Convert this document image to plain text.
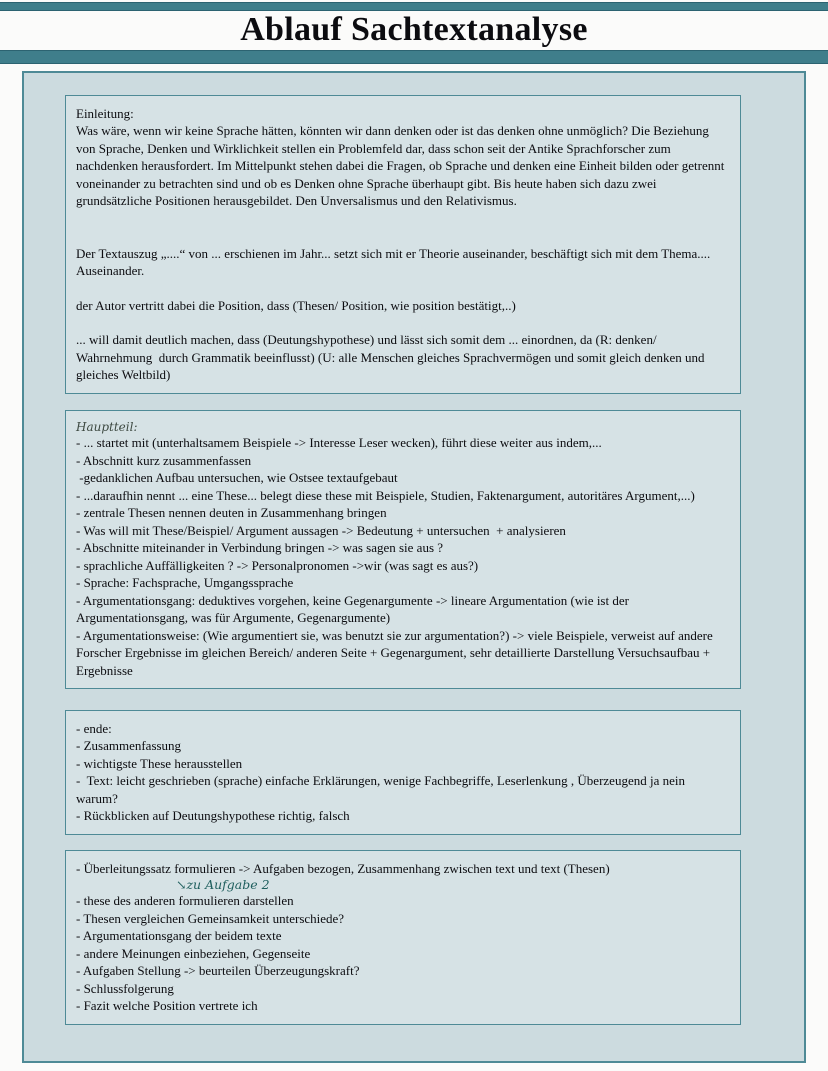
Ablauf Sachtextanalyse
Einleitung:
Was wäre, wenn wir keine Sprache hätten, könnten wir dann denken oder ist das denken ohne unmöglich? Die Beziehung von Sprache, Denken und Wirklichkeit stellen ein Problemfeld dar, dass schon seit der Antike Sprachforscher zum nachdenken herausfordert. Im Mittelpunkt stehen dabei die Fragen, ob Sprache und denken eine Einheit bilden oder getrennt voneinander zu betrachten sind und ob es Denken ohne Sprache überhaupt gibt. Bis heute haben sich dazu zwei grundsätzliche Positionen herausgebildet. Den Unversalismus und den Relativismus.
Der Textauszug „....“ von ... erschienen im Jahr... setzt sich mit er Theorie auseinander, beschäftigt sich mit dem Thema.... Auseinander.
der Autor vertritt dabei die Position, dass (Thesen/ Position, wie position bestätigt,..)
... will damit deutlich machen, dass (Deutungshypothese) und lässt sich somit dem ... einordnen, da (R: denken/ Wahrnehmung  durch Grammatik beeinflusst) (U: alle Menschen gleiches Sprachvermögen und somit gleich denken und gleiches Weltbild)
Hauptteil:
- ... startet mit (unterhaltsamem Beispiele -> Interesse Leser wecken), führt diese weiter aus indem,...
- Abschnitt kurz zusammenfassen
-gedanklichen Aufbau untersuchen, wie Ostsee textaufgebaut
- ...daraufhin nennt ... eine These... belegt diese these mit Beispiele, Studien, Faktenargument, autoritäres Argument,...)
- zentrale Thesen nennen deuten in Zusammenhang bringen
- Was will mit These/Beispiel/ Argument aussagen -> Bedeutung + untersuchen  + analysieren
- Abschnitte miteinander in Verbindung bringen -> was sagen sie aus ?
- sprachliche Auffälligkeiten ? -> Personalpronomen ->wir (was sagt es aus?)
- Sprache: Fachsprache, Umgangssprache
- Argumentationsgang: deduktives vorgehen, keine Gegenargumente -> lineare Argumentation (wie ist der Argumentationsgang, was für Argumente, Gegenargumente)
- Argumentationsweise: (Wie argumentiert sie, was benutzt sie zur argumentation?) -> viele Beispiele, verweist auf andere Forscher Ergebnisse im gleichen Bereich/ anderen Seite + Gegenargument, sehr detaillierte Darstellung Versuchsaufbau + Ergebnisse
- ende:
- Zusammenfassung
- wichtigste These herausstellen
-  Text: leicht geschrieben (sprache) einfache Erklärungen, wenige Fachbegriffe, Leserlenkung , Überzeugend ja nein warum?
- Rückblicken auf Deutungshypothese richtig, falsch
- Überleitungssatz formulieren -> Aufgaben bezogen, Zusammenhang zwischen text und text (Thesen)
↘zu Aufgabe 2
- these des anderen formulieren darstellen
- Thesen vergleichen Gemeinsamkeit unterschiede?
- Argumentationsgang der beidem texte
- andere Meinungen einbeziehen, Gegenseite
- Aufgaben Stellung -> beurteilen Überzeugungskraft?
- Schlussfolgerung
- Fazit welche Position vertrete ich
